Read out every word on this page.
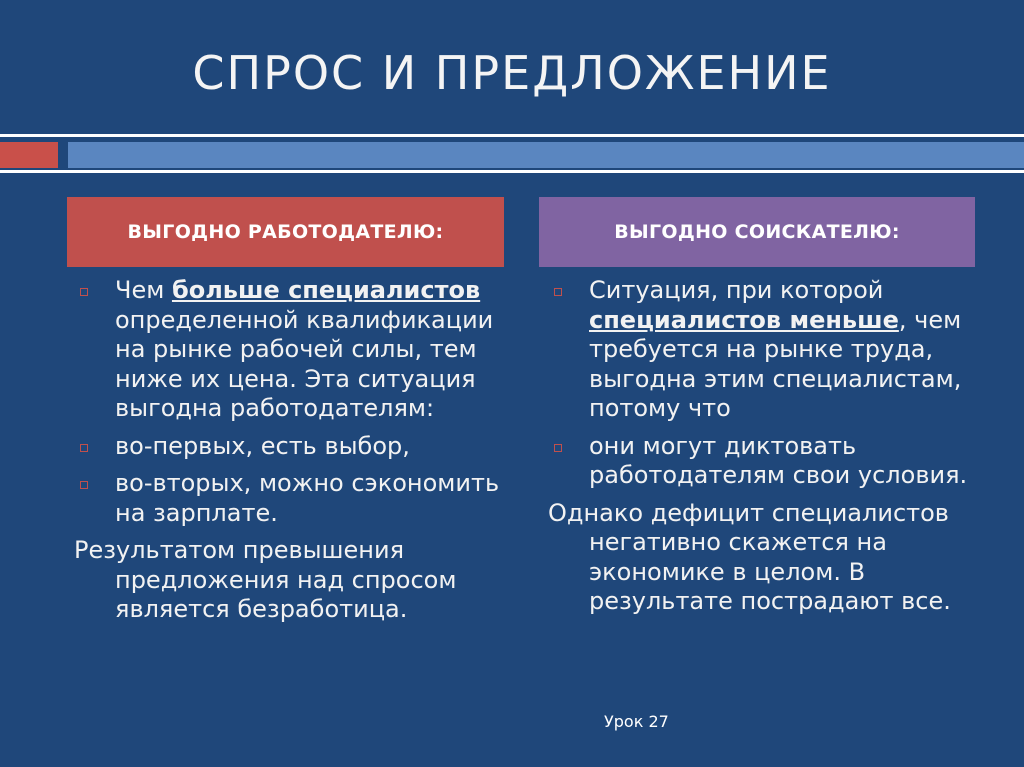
СПРОС И ПРЕДЛОЖЕНИЕ
ВЫГОДНО РАБОТОДАТЕЛЮ:	ВЫГОДНО СОИСКАТЕЛЮ:
Чем больше специалистов определенной квалификации на рынке рабочей силы, тем ниже их цена. Эта ситуация выгодна работодателям:
во-первых, есть выбор,
во-вторых, можно сэкономить на зарплате.
Результатом превышения предложения над спросом является безработица.
Ситуация, при которой специалистов меньше, чем требуется на рынке труда, выгодна этим специалистам, потому что
они могут диктовать работодателям свои условия.
Однако дефицит специалистов негативно скажется на экономике в целом. В результате пострадают все.
Урок 27
